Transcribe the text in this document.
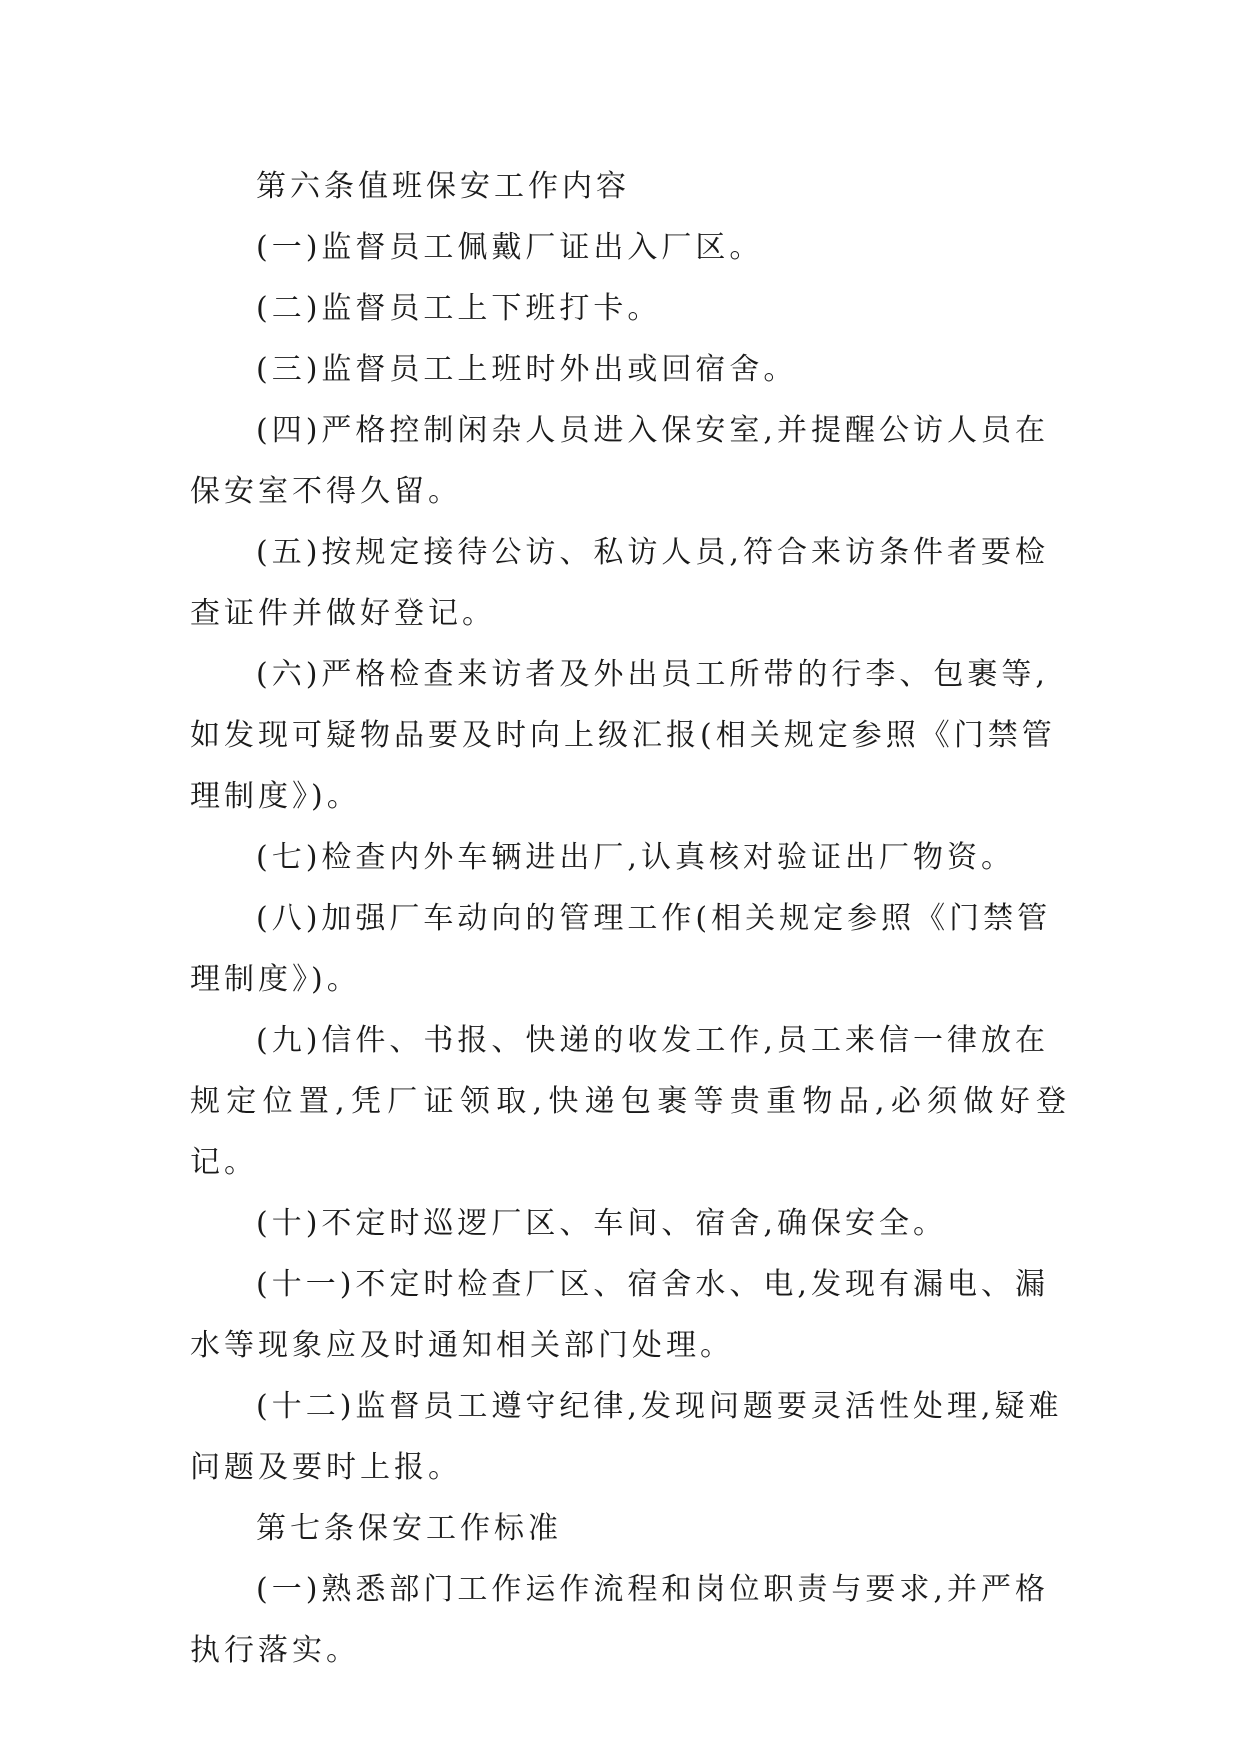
第六条值班保安工作内容

(一)监督员工佩戴厂证出入厂区。

(二)监督员工上下班打卡。

(三)监督员工上班时外出或回宿舍。

(四)严格控制闲杂人员进入保安室,并提醒公访人员在
保安室不得久留。

(五)按规定接待公访、私访人员,符合来访条件者要检
查证件并做好登记。

(六)严格检查来访者及外出员工所带的行李、包裹等,
如发现可疑物品要及时向上级汇报(相关规定参照《门禁管
理制度》)。

(七)检查内外车辆进出厂,认真核对验证出厂物资。

(八)加强厂车动向的管理工作(相关规定参照《门禁管
理制度》)。

(九)信件、书报、快递的收发工作,员工来信一律放在
规定位置,凭厂证领取,快递包裹等贵重物品,必须做好登记。

(十)不定时巡逻厂区、车间、宿舍,确保安全。

(十一)不定时检查厂区、宿舍水、电,发现有漏电、漏
水等现象应及时通知相关部门处理。

(十二)监督员工遵守纪律,发现问题要灵活性处理,疑难
问题及要时上报。

第七条保安工作标准

(一)熟悉部门工作运作流程和岗位职责与要求,并严格
执行落实。
